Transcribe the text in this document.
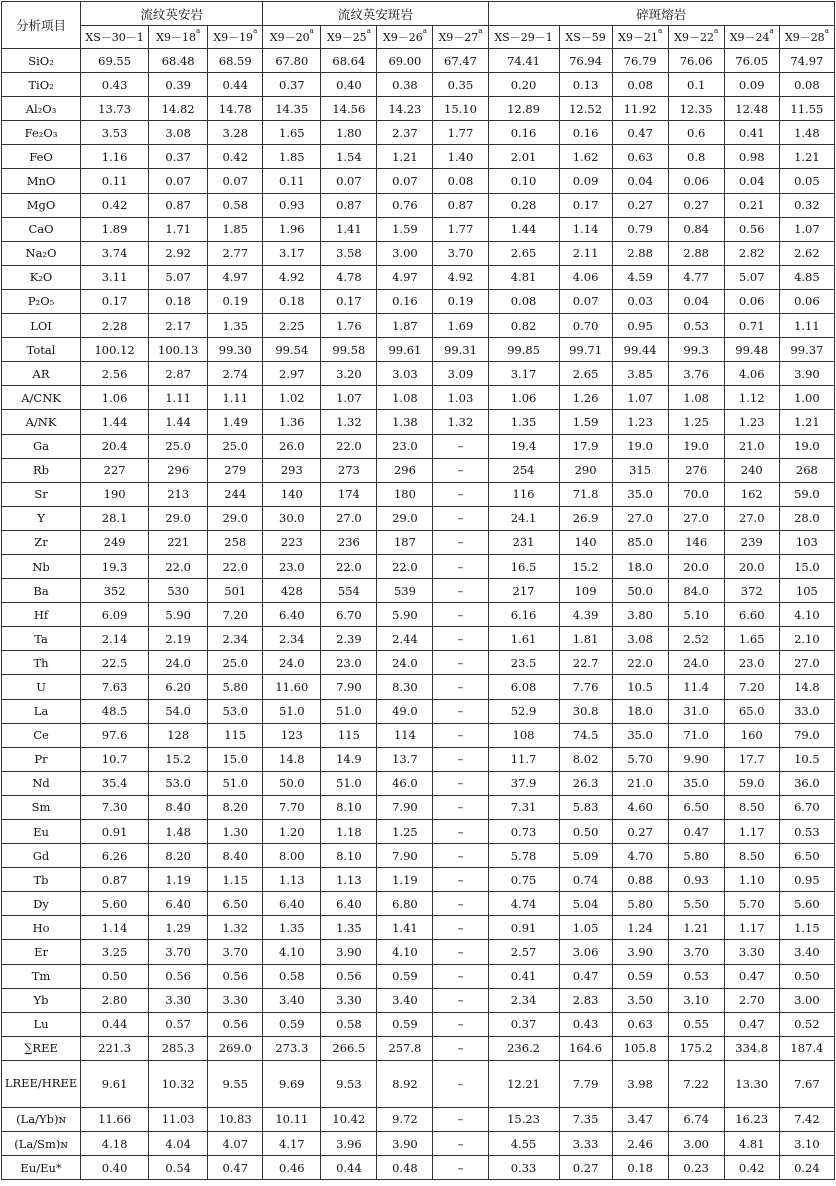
分析项目	流纹英安岩			流纹英安斑岩				碎斑熔岩					
	XS－30－1	$X9-18^a$	$X9-19^a$	$X9-20^a$	$X9-25^a$	$X9-26^a$	$X9-27^a$	XS－29－1	XS－59	$X9-21^a$	$X9-22^a$	$X9-24^a$	$X9-28^a$
SiO₂	69.55	68.48	68.59	67.80	68.64	69.00	67.47	74.41	76.94	76.79	76.06	76.05	74.97
TiO₂	0.43	0.39	0.44	0.37	0.40	0.38	0.35	0.20	0.13	0.08	0.1	0.09	0.08
Al₂O₃	13.73	14.82	14.78	14.35	14.56	14.23	15.10	12.89	12.52	11.92	12.35	12.48	11.55
Fe₂O₃	3.53	3.08	3.28	1.65	1.80	2.37	1.77	0.16	0.16	0.47	0.6	0.41	1.48
FeO	1.16	0.37	0.42	1.85	1.54	1.21	1.40	2.01	1.62	0.63	0.8	0.98	1.21
MnO	0.11	0.07	0.07	0.11	0.07	0.07	0.08	0.10	0.09	0.04	0.06	0.04	0.05
MgO	0.42	0.87	0.58	0.93	0.87	0.76	0.87	0.28	0.17	0.27	0.27	0.21	0.32
CaO	1.89	1.71	1.85	1.96	1.41	1.59	1.77	1.44	1.14	0.79	0.84	0.56	1.07
Na₂O	3.74	2.92	2.77	3.17	3.58	3.00	3.70	2.65	2.11	2.88	2.88	2.82	2.62
K₂O	3.11	5.07	4.97	4.92	4.78	4.97	4.92	4.81	4.06	4.59	4.77	5.07	4.85
P₂O₅	0.17	0.18	0.19	0.18	0.17	0.16	0.19	0.08	0.07	0.03	0.04	0.06	0.06
LOI	2.28	2.17	1.35	2.25	1.76	1.87	1.69	0.82	0.70	0.95	0.53	0.71	1.11
Total	100.12	100.13	99.30	99.54	99.58	99.61	99.31	99.85	99.71	99.44	99.3	99.48	99.37
AR	2.56	2.87	2.74	2.97	3.20	3.03	3.09	3.17	2.65	3.85	3.76	4.06	3.90
A/CNK	1.06	1.11	1.11	1.02	1.07	1.08	1.03	1.06	1.26	1.07	1.08	1.12	1.00
A/NK	1.44	1.44	1.49	1.36	1.32	1.38	1.32	1.35	1.59	1.23	1.25	1.23	1.21
Ga	20.4	25.0	25.0	26.0	22.0	23.0	–	19.4	17.9	19.0	19.0	21.0	19.0
Rb	227	296	279	293	273	296	–	254	290	315	276	240	268
Sr	190	213	244	140	174	180	–	116	71.8	35.0	70.0	162	59.0
Y	28.1	29.0	29.0	30.0	27.0	29.0	–	24.1	26.9	27.0	27.0	27.0	28.0
Zr	249	221	258	223	236	187	–	231	140	85.0	146	239	103
Nb	19.3	22.0	22.0	23.0	22.0	22.0	–	16.5	15.2	18.0	20.0	20.0	15.0
Ba	352	530	501	428	554	539	–	217	109	50.0	84.0	372	105
Hf	6.09	5.90	7.20	6.40	6.70	5.90	–	6.16	4.39	3.80	5.10	6.60	4.10
Ta	2.14	2.19	2.34	2.34	2.39	2.44	–	1.61	1.81	3.08	2.52	1.65	2.10
Th	22.5	24.0	25.0	24.0	23.0	24.0	–	23.5	22.7	22.0	24.0	23.0	27.0
U	7.63	6.20	5.80	11.60	7.90	8.30	–	6.08	7.76	10.5	11.4	7.20	14.8
La	48.5	54.0	53.0	51.0	51.0	49.0	–	52.9	30.8	18.0	31.0	65.0	33.0
Ce	97.6	128	115	123	115	114	–	108	74.5	35.0	71.0	160	79.0
Pr	10.7	15.2	15.0	14.8	14.9	13.7	–	11.7	8.02	5.70	9.90	17.7	10.5
Nd	35.4	53.0	51.0	50.0	51.0	46.0	–	37.9	26.3	21.0	35.0	59.0	36.0
Sm	7.30	8.40	8.20	7.70	8.10	7.90	–	7.31	5.83	4.60	6.50	8.50	6.70
Eu	0.91	1.48	1.30	1.20	1.18	1.25	–	0.73	0.50	0.27	0.47	1.17	0.53
Gd	6.26	8.20	8.40	8.00	8.10	7.90	–	5.78	5.09	4.70	5.80	8.50	6.50
Tb	0.87	1.19	1.15	1.13	1.13	1.19	–	0.75	0.74	0.88	0.93	1.10	0.95
Dy	5.60	6.40	6.50	6.40	6.40	6.80	–	4.74	5.04	5.80	5.50	5.70	5.60
Ho	1.14	1.29	1.32	1.35	1.35	1.41	–	0.91	1.05	1.24	1.21	1.17	1.15
Er	3.25	3.70	3.70	4.10	3.90	4.10	–	2.57	3.06	3.90	3.70	3.30	3.40
Tm	0.50	0.56	0.56	0.58	0.56	0.59	–	0.41	0.47	0.59	0.53	0.47	0.50
Yb	2.80	3.30	3.30	3.40	3.30	3.40	–	2.34	2.83	3.50	3.10	2.70	3.00
Lu	0.44	0.57	0.56	0.59	0.58	0.59	–	0.37	0.43	0.63	0.55	0.47	0.52
∑REE	221.3	285.3	269.0	273.3	266.5	257.8	–	236.2	164.6	105.8	175.2	334.8	187.4
LREE/HREE	9.61	10.32	9.55	9.69	9.53	8.92	–	12.21	7.79	3.98	7.22	13.30	7.67
(La/Yb)ɴ	11.66	11.03	10.83	10.11	10.42	9.72	–	15.23	7.35	3.47	6.74	16.23	7.42
(La/Sm)ɴ	4.18	4.04	4.07	4.17	3.96	3.90	–	4.55	3.33	2.46	3.00	4.81	3.10
Eu/Eu*	0.40	0.54	0.47	0.46	0.44	0.48	–	0.33	0.27	0.18	0.23	0.42	0.24
